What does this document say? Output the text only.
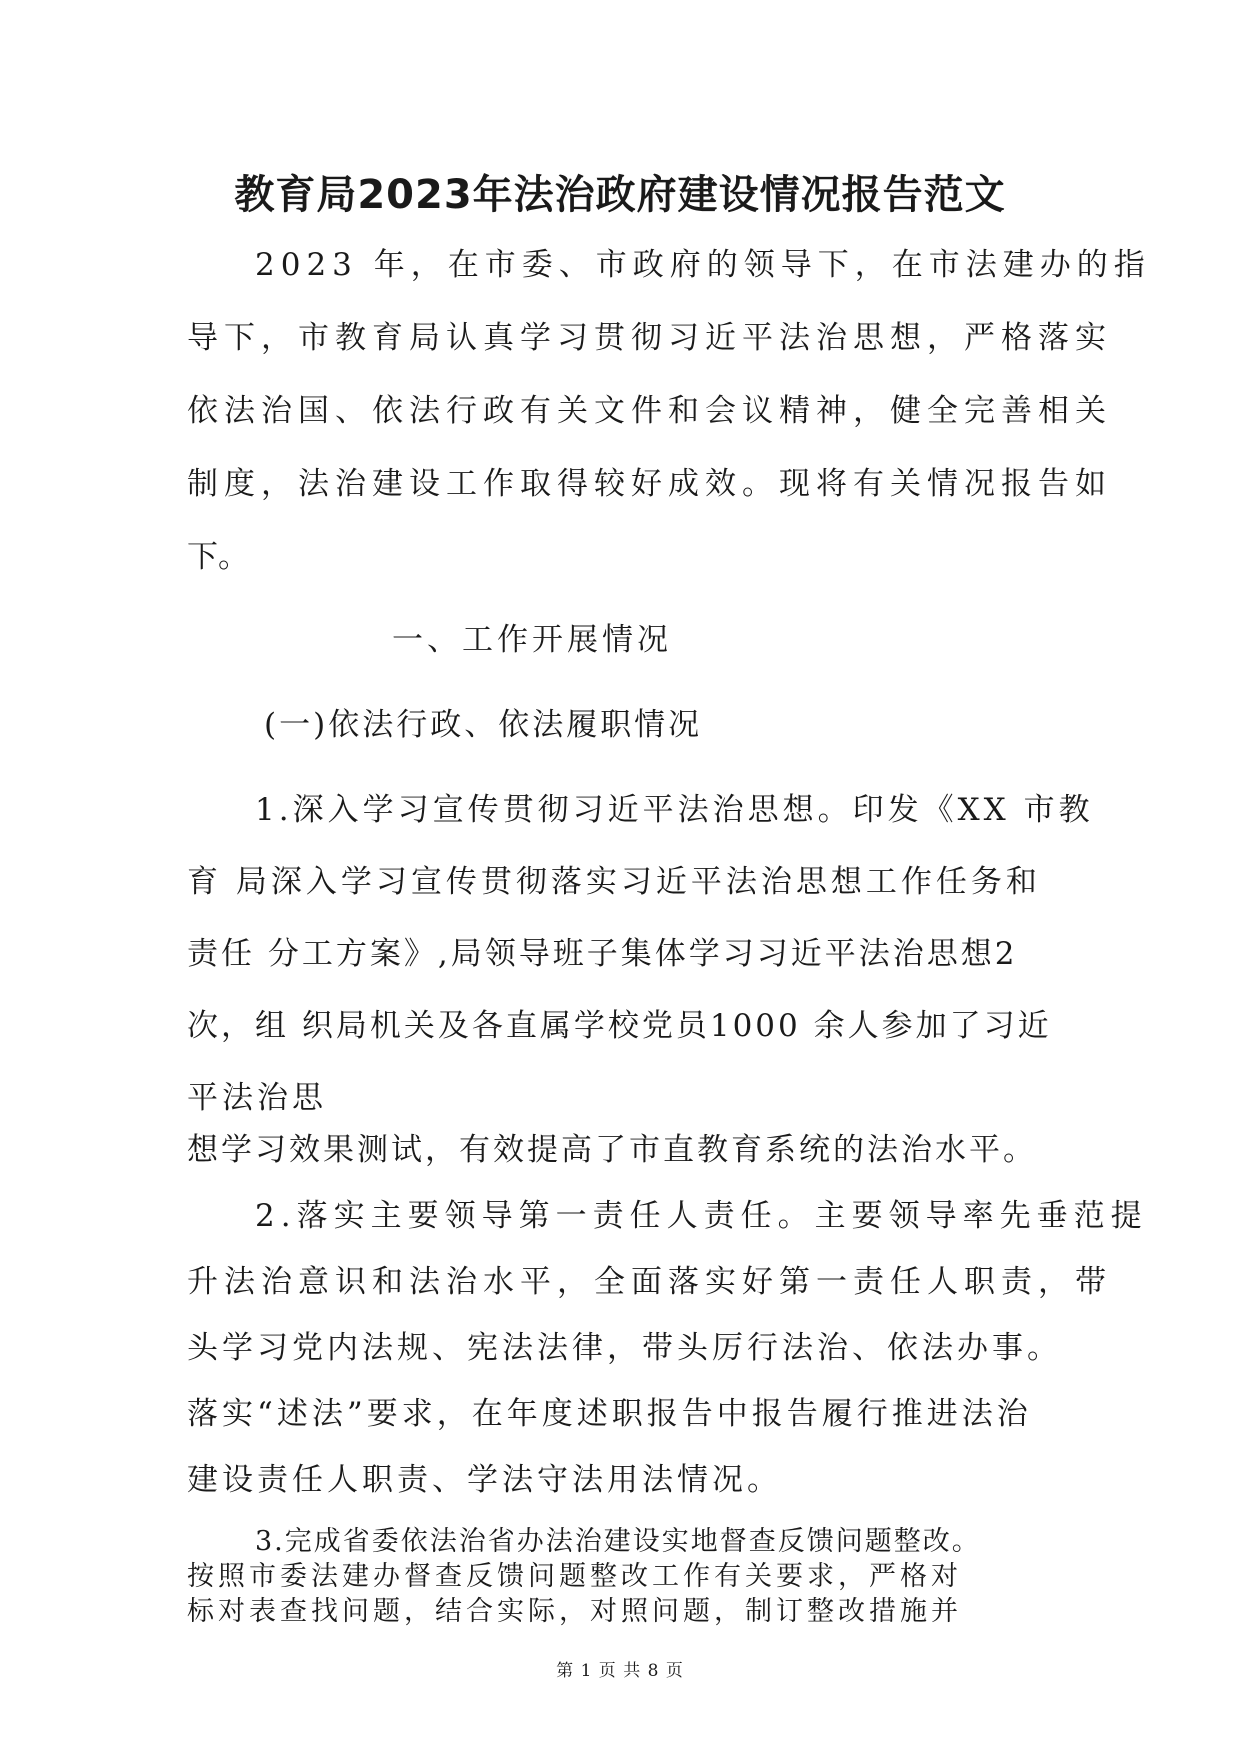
教育局2023年法治政府建设情况报告范文

2023 年，在市委、市政府的领导下，在市法建办的指

导下，市教育局认真学习贯彻习近平法治思想，严格落实

依法治国、依法行政有关文件和会议精神，健全完善相关

制度，法治建设工作取得较好成效。现将有关情况报告如

下。

一、工作开展情况

(一)依法行政、依法履职情况

1.深入学习宣传贯彻习近平法治思想。印发《XX 市教

育 局深入学习宣传贯彻落实习近平法治思想工作任务和

责任 分工方案》,局领导班子集体学习习近平法治思想2

次，组 织局机关及各直属学校党员1000 余人参加了习近

平法治思

想学习效果测试，有效提高了市直教育系统的法治水平。

2.落实主要领导第一责任人责任。主要领导率先垂范提

升法治意识和法治水平，全面落实好第一责任人职责，带

头学习党内法规、宪法法律，带头厉行法治、依法办事。

落实“述法”要求，在年度述职报告中报告履行推进法治

建设责任人职责、学法守法用法情况。

第 1 页 共 8 页

3.完成省委依法治省办法治建设实地督查反馈问题整改。

按照市委法建办督查反馈问题整改工作有关要求，严格对

标对表查找问题，结合实际，对照问题，制订整改措施并
